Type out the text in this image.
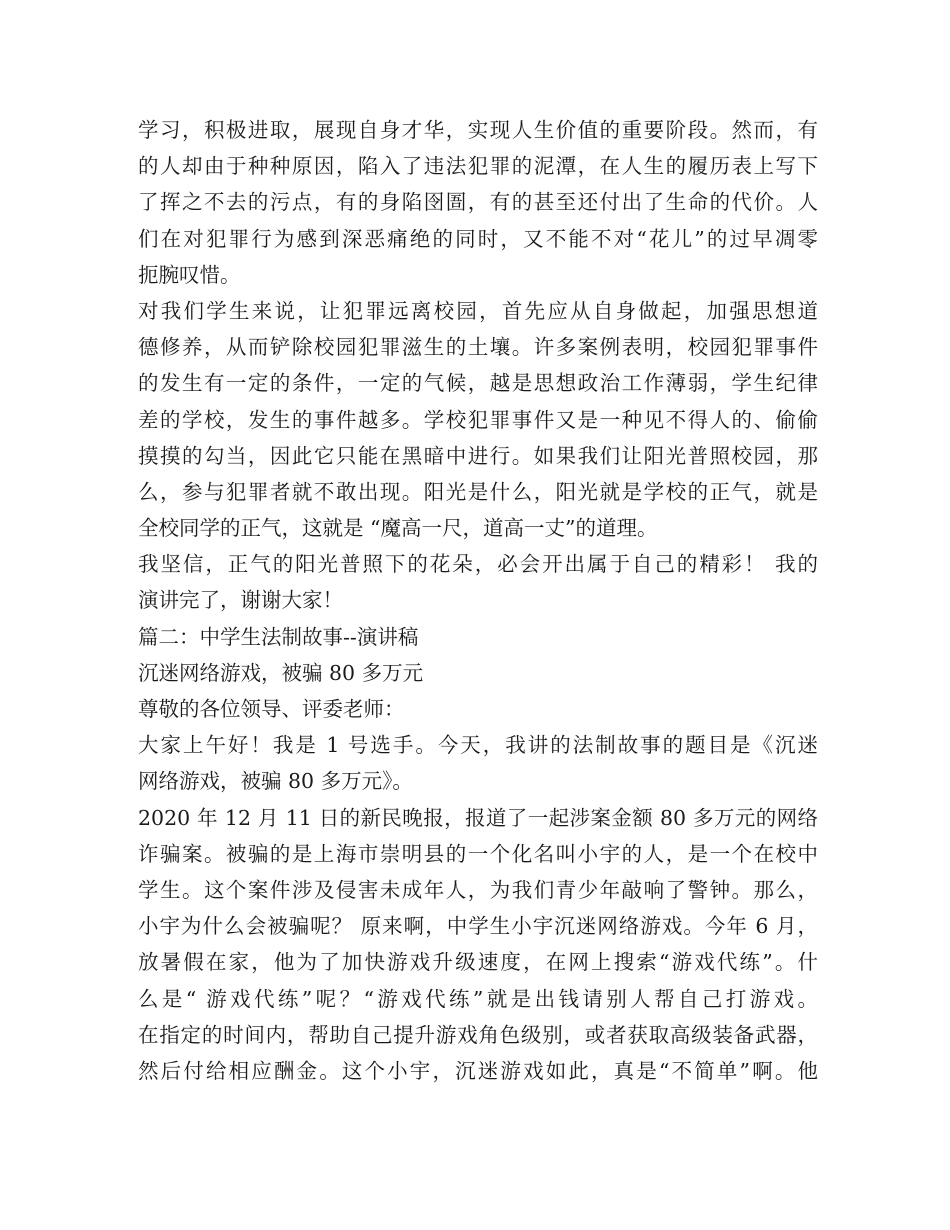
学习，积极进取，展现自身才华，实现人生价值的重要阶段。然而，有
的人却由于种种原因，陷入了违法犯罪的泥潭，在人生的履历表上写下
了挥之不去的污点，有的身陷囹圄，有的甚至还付出了生命的代价。人
们在对犯罪行为感到深恶痛绝的同时，又不能不对“花儿”的过早凋零
扼腕叹惜。
对我们学生来说，让犯罪远离校园，首先应从自身做起，加强思想道
德修养，从而铲除校园犯罪滋生的土壤。许多案例表明，校园犯罪事件
的发生有一定的条件，一定的气候，越是思想政治工作薄弱，学生纪律
差的学校，发生的事件越多。学校犯罪事件又是一种见不得人的、偷偷
摸摸的勾当，因此它只能在黑暗中进行。如果我们让阳光普照校园，那
么，参与犯罪者就不敢出现。阳光是什么，阳光就是学校的正气，就是
全校同学的正气，这就是 “魔高一尺，道高一丈”的道理。
我坚信，正气的阳光普照下的花朵，必会开出属于自己的精彩！ 我的
演讲完了，谢谢大家！
篇二：中学生法制故事--演讲稿
沉迷网络游戏，被骗 80 多万元
尊敬的各位领导、评委老师：
大家上午好！我是 1 号选手。今天，我讲的法制故事的题目是《沉迷
网络游戏，被骗 80 多万元》。
2020 年 12 月 11 日的新民晚报，报道了一起涉案金额 80 多万元的网络
诈骗案。被骗的是上海市崇明县的一个化名叫小宇的人，是一个在校中
学生。这个案件涉及侵害未成年人，为我们青少年敲响了警钟。那么，
小宇为什么会被骗呢？ 原来啊，中学生小宇沉迷网络游戏。今年 6 月，
放暑假在家，他为了加快游戏升级速度，在网上搜索“游戏代练”。什
么是“ 游戏代练”呢？“游戏代练”就是出钱请别人帮自己打游戏。
在指定的时间内，帮助自己提升游戏角色级别，或者获取高级装备武器，
然后付给相应酬金。这个小宇，沉迷游戏如此，真是“不简单”啊。他
